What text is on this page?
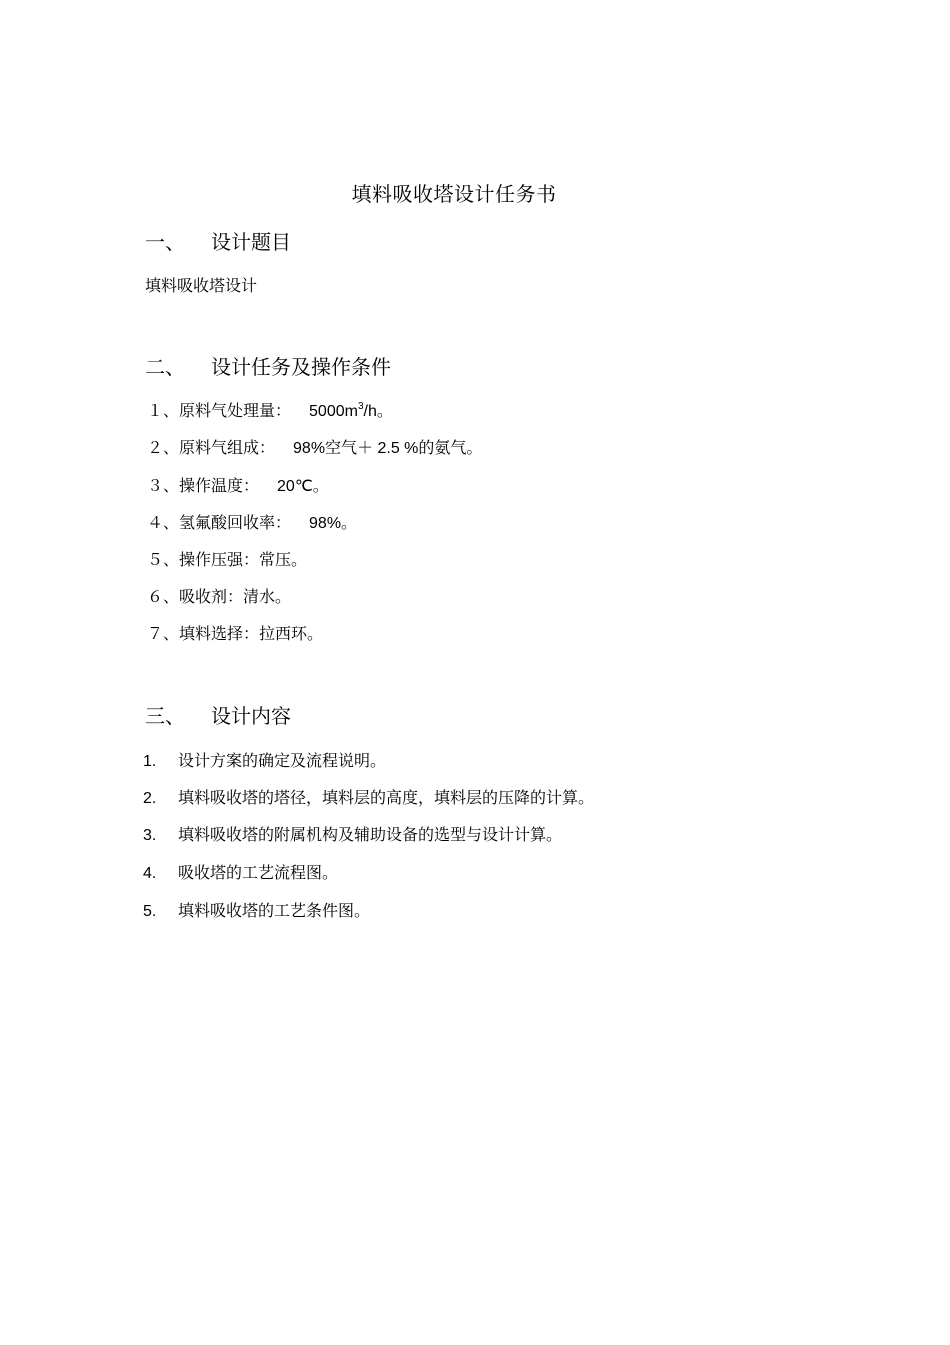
填料吸收塔设计任务书
一、 设计题目
填料吸收塔设计
二、 设计任务及操作条件
１、原料气处理量： $5000m^3/h$。
２、原料气组成： 98%空气＋ 2.5 %的氨气。
３、操作温度： 20℃。
４、氢氟酸回收率： 98%。
５、操作压强：常压。
６、吸收剂：清水。
７、填料选择：拉西环。
三、 设计内容
1. 设计方案的确定及流程说明。
2. 填料吸收塔的塔径，填料层的高度，填料层的压降的计算。
3. 填料吸收塔的附属机构及辅助设备的选型与设计计算。
4. 吸收塔的工艺流程图。
5. 填料吸收塔的工艺条件图。
